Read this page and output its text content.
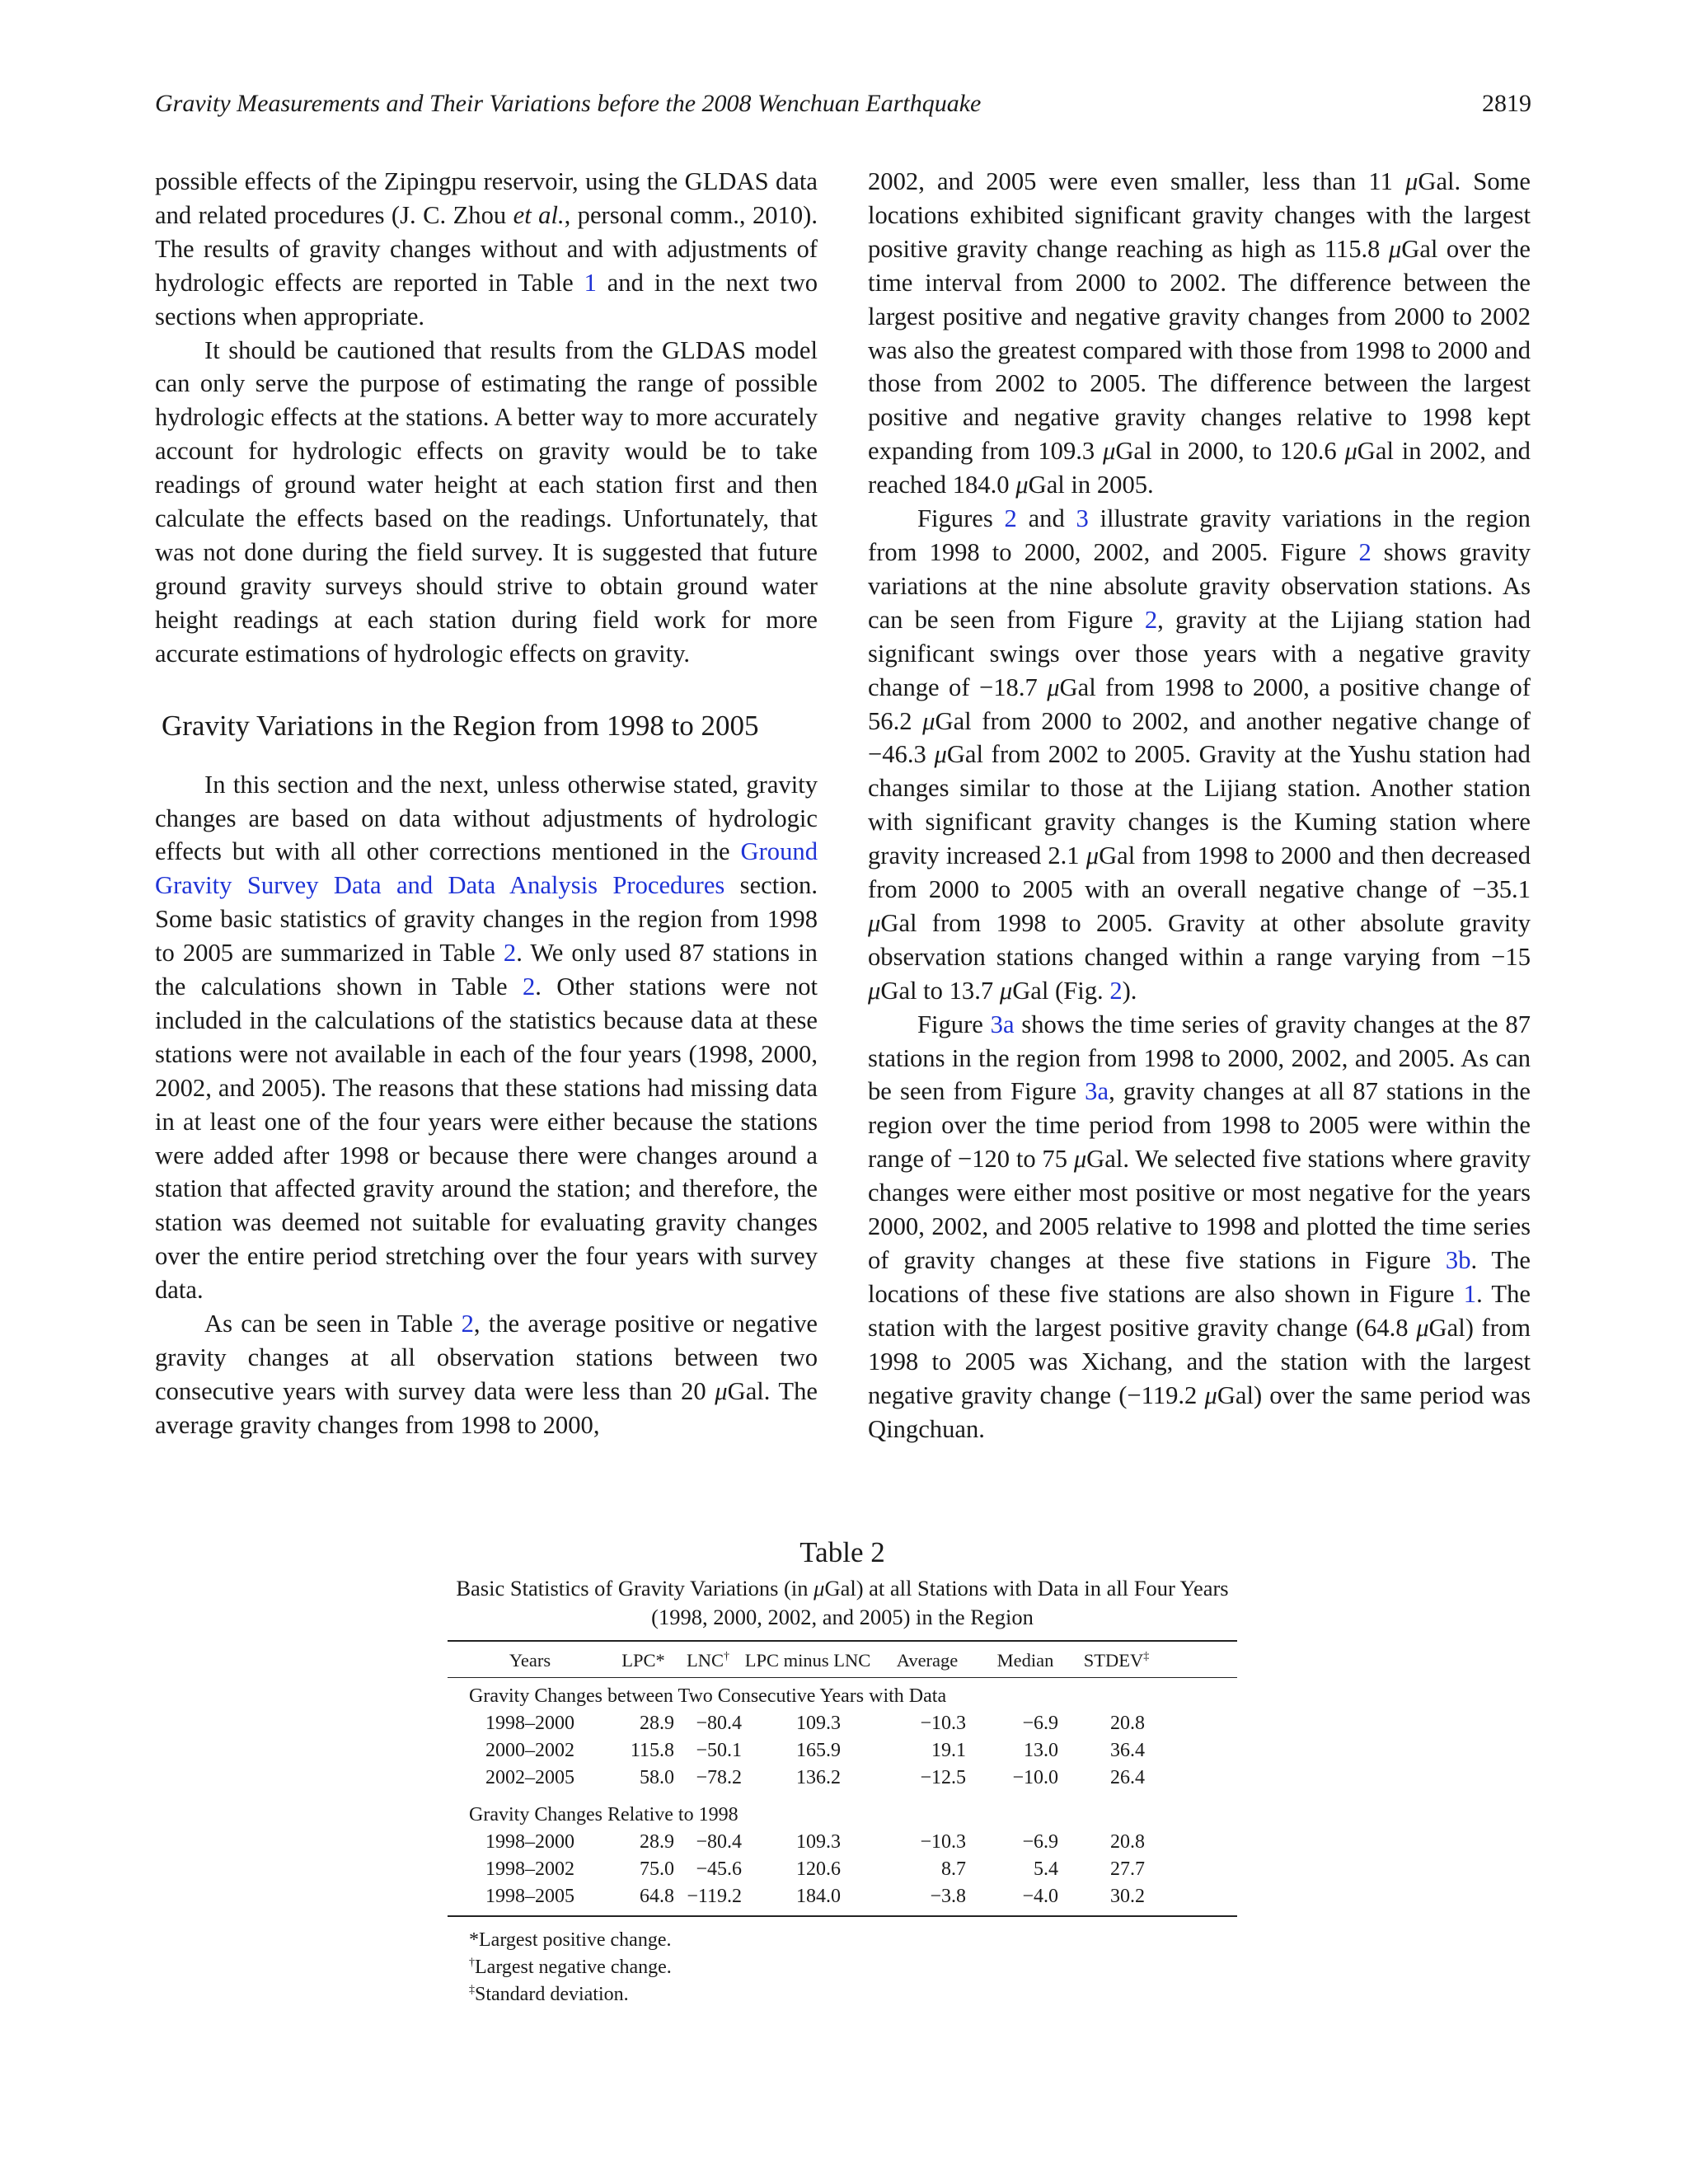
Gravity Measurements and Their Variations before the 2008 Wenchuan Earthquake	2819

possible effects of the Zipingpu reservoir, using the GLDAS data and related procedures (J. C. Zhou et al., personal comm., 2010). The results of gravity changes without and with adjustments of hydrologic effects are reported in Table 1 and in the next two sections when appropriate.

It should be cautioned that results from the GLDAS model can only serve the purpose of estimating the range of possible hydrologic effects at the stations. A better way to more accurately account for hydrologic effects on gravity would be to take readings of ground water height at each station first and then calculate the effects based on the readings. Unfortunately, that was not done during the field survey. It is suggested that future ground gravity surveys should strive to obtain ground water height readings at each station during field work for more accurate estimations of hydrologic effects on gravity.

Gravity Variations in the Region from 1998 to 2005

In this section and the next, unless otherwise stated, gravity changes are based on data without adjustments of hydrologic effects but with all other corrections mentioned in the Ground Gravity Survey Data and Data Analysis Procedures section. Some basic statistics of gravity changes in the region from 1998 to 2005 are summarized in Table 2. We only used 87 stations in the calculations shown in Table 2. Other stations were not included in the calculations of the statistics because data at these stations were not available in each of the four years (1998, 2000, 2002, and 2005). The reasons that these stations had missing data in at least one of the four years were either because the stations were added after 1998 or because there were changes around a station that affected gravity around the station; and therefore, the station was deemed not suitable for evaluating gravity changes over the entire period stretching over the four years with survey data.

As can be seen in Table 2, the average positive or negative gravity changes at all observation stations between two consecutive years with survey data were less than 20 μGal. The average gravity changes from 1998 to 2000,

2002, and 2005 were even smaller, less than 11 μGal. Some locations exhibited significant gravity changes with the largest positive gravity change reaching as high as 115.8 μGal over the time interval from 2000 to 2002. The difference between the largest positive and negative gravity changes from 2000 to 2002 was also the greatest compared with those from 1998 to 2000 and those from 2002 to 2005. The difference between the largest positive and negative gravity changes relative to 1998 kept expanding from 109.3 μGal in 2000, to 120.6 μGal in 2002, and reached 184.0 μGal in 2005.

Figures 2 and 3 illustrate gravity variations in the region from 1998 to 2000, 2002, and 2005. Figure 2 shows gravity variations at the nine absolute gravity observation stations. As can be seen from Figure 2, gravity at the Lijiang station had significant swings over those years with a negative gravity change of −18.7 μGal from 1998 to 2000, a positive change of 56.2 μGal from 2000 to 2002, and another negative change of −46.3 μGal from 2002 to 2005. Gravity at the Yushu station had changes similar to those at the Lijiang station. Another station with significant gravity changes is the Kuming station where gravity increased 2.1 μGal from 1998 to 2000 and then decreased from 2000 to 2005 with an overall negative change of −35.1 μGal from 1998 to 2005. Gravity at other absolute gravity observation stations changed within a range varying from −15 μGal to 13.7 μGal (Fig. 2).

Figure 3a shows the time series of gravity changes at the 87 stations in the region from 1998 to 2000, 2002, and 2005. As can be seen from Figure 3a, gravity changes at all 87 stations in the region over the time period from 1998 to 2005 were within the range of −120 to 75 μGal. We selected five stations where gravity changes were either most positive or most negative for the years 2000, 2002, and 2005 relative to 1998 and plotted the time series of gravity changes at these five stations in Figure 3b. The locations of these five stations are also shown in Figure 1. The station with the largest positive gravity change (64.8 μGal) from 1998 to 2005 was Xichang, and the station with the largest negative gravity change (−119.2 μGal) over the same period was Qingchuan.

Table 2
Basic Statistics of Gravity Variations (in μGal) at all Stations with Data in all Four Years (1998, 2000, 2002, and 2005) in the Region
Years	LPC*	LNC†	LPC minus LNC	Average	Median	STDEV‡	

Gravity Changes between Two Consecutive Years with Data							
1998–2000	28.9	−80.4	109.3	−10.3	−6.9	20.8	
2000–2002	115.8	−50.1	165.9	19.1	13.0	36.4	
2002–2005	58.0	−78.2	136.2	−12.5	−10.0	26.4	

Gravity Changes Relative to 1998							
1998–2000	28.9	−80.4	109.3	−10.3	−6.9	20.8	
1998–2002	75.0	−45.6	120.6	8.7	5.4	27.7	
1998–2005	64.8	−119.2	184.0	−3.8	−4.0	30.2	

*Largest positive change.
†Largest negative change.
‡Standard deviation.
